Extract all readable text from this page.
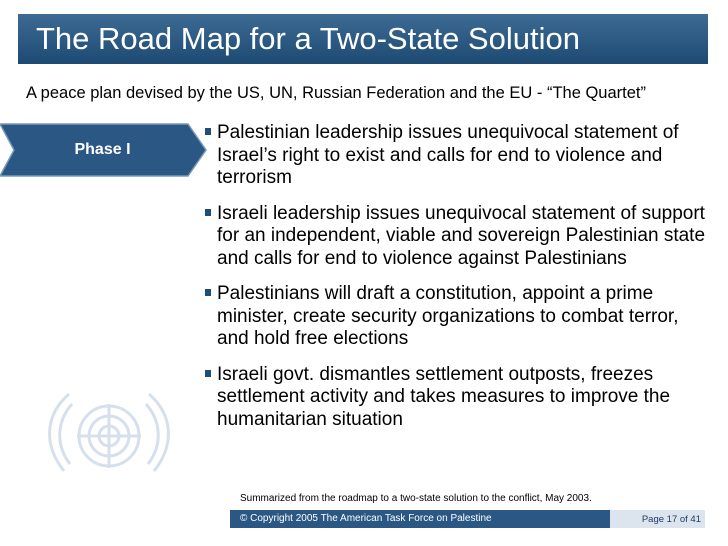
The Road Map for a Two-State Solution
A peace plan devised by the US, UN, Russian Federation and the EU - “The Quartet”
Phase I
Palestinian leadership issues unequivocal statement of Israel’s right to exist and calls for end to violence and terrorism
Israeli leadership issues unequivocal statement of support for an independent, viable and sovereign Palestinian state and calls for end to violence against Palestinians
Palestinians will draft a constitution, appoint a prime minister, create security organizations to combat terror, and hold free elections
Israeli govt. dismantles settlement outposts, freezes settlement activity and takes measures to improve the humanitarian situation
Summarized from the roadmap to a two-state solution to the conflict, May 2003.
© Copyright 2005 The American Task Force on Palestine	Page 17 of 41
